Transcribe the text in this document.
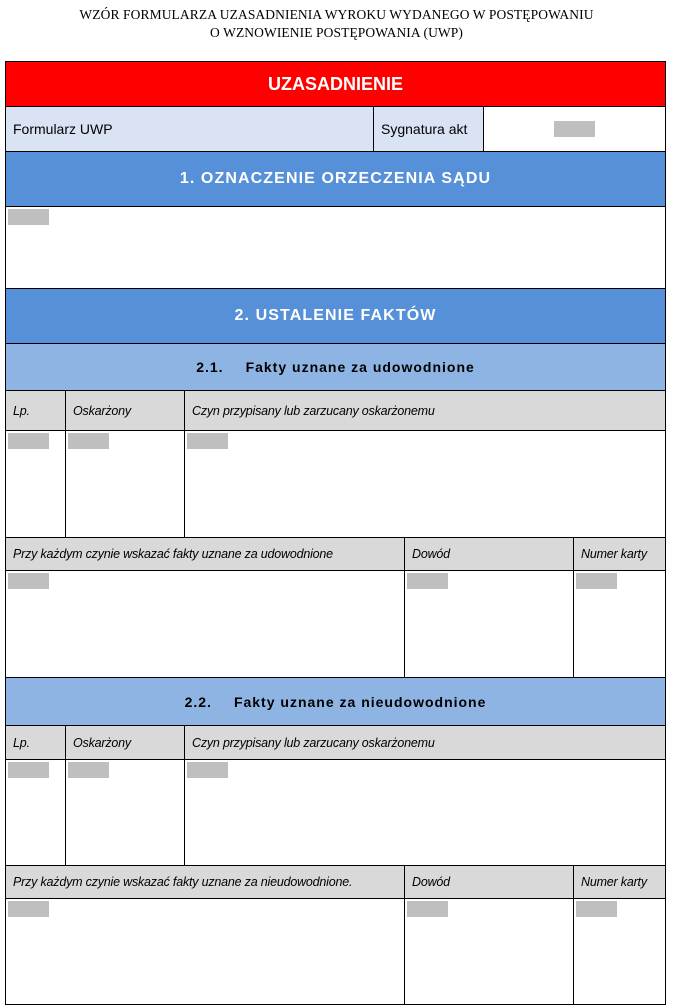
WZÓR FORMULARZA UZASADNIENIA WYROKU WYDANEGO W POSTĘPOWANIU
O WZNOWIENIE POSTĘPOWANIA (UWP)
UZASADNIENIE
Formularz UWP	Sygnatura akt
1. OZNACZENIE ORZECZENIA SĄDU
2. USTALENIE FAKTÓW
2.1. Fakty uznane za udowodnione
Lp.	Oskarżony	Czyn przypisany lub zarzucany oskarżonemu
Przy każdym czynie wskazać fakty uznane za udowodnione	Dowód	Numer karty
2.2. Fakty uznane za nieudowodnione
Lp.	Oskarżony	Czyn przypisany lub zarzucany oskarżonemu
Przy każdym czynie wskazać fakty uznane za nieudowodnione.	Dowód	Numer karty
